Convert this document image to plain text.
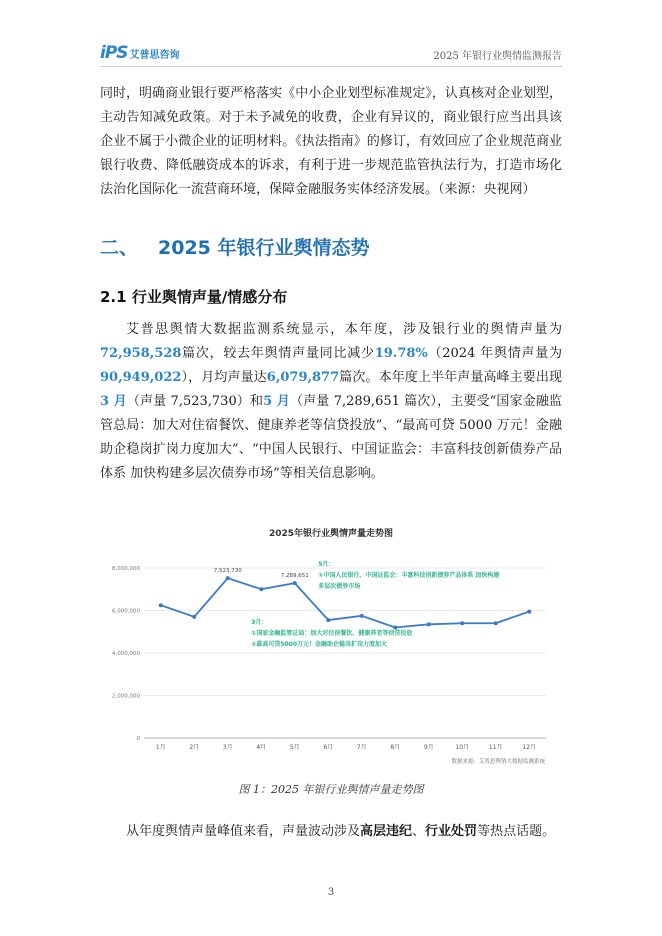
iPS 艾普思咨询	2025 年银行业舆情监测报告

同时，明确商业银行要严格落实《中小企业划型标准规定》，认真核对企业划型，主动告知减免政策。对于未予减免的收费，企业有异议的，商业银行应当出具该企业不属于小微企业的证明材料。《执法指南》的修订，有效回应了企业规范商业银行收费、降低融资成本的诉求，有利于进一步规范监管执法行为，打造市场化法治化国际化一流营商环境，保障金融服务实体经济发展。（来源：央视网）

二、 2025 年银行业舆情态势
2.1 行业舆情声量/情感分布

艾普思舆情大数据监测系统显示，本年度，涉及银行业的舆情声量为72,958,528篇次，较去年舆情声量同比减少19.78%（2024 年舆情声量为90,949,022），月均声量达6,079,877篇次。本年度上半年声量高峰主要出现3 月（声量 7,523,730）和5 月（声量 7,289,651 篇次），主要受“国家金融监管总局：加大对住宿餐饮、健康养老等信贷投放”、“最高可贷 5000 万元！金融助企稳岗扩岗力度加大”、“中国人民银行、中国证监会：丰富科技创新债券产品体系 加快构建多层次债券市场”等相关信息影响。

2025年银行业舆情声量走势图
0
2,000,000
4,000,000
6,000,000
8,000,000
1月	2月	3月	4月	5月	6月	7月	8月	9月	10月	11月	12月
7,523,730
7,289,651
5月：
①中国人民银行、中国证监会：丰富科技创新债券产品体系 加快构建
多层次债券市场
3月：
①国家金融监管总局：加大对住宿餐饮、健康养老等信贷投放
②最高可贷5000万元！金融助企稳岗扩岗力度加大
数据来源：艾普思舆情大数据监测系统
图 1：2025 年银行业舆情声量走势图

从年度舆情声量峰值来看，声量波动涉及高层违纪、行业处罚等热点话题。

3
